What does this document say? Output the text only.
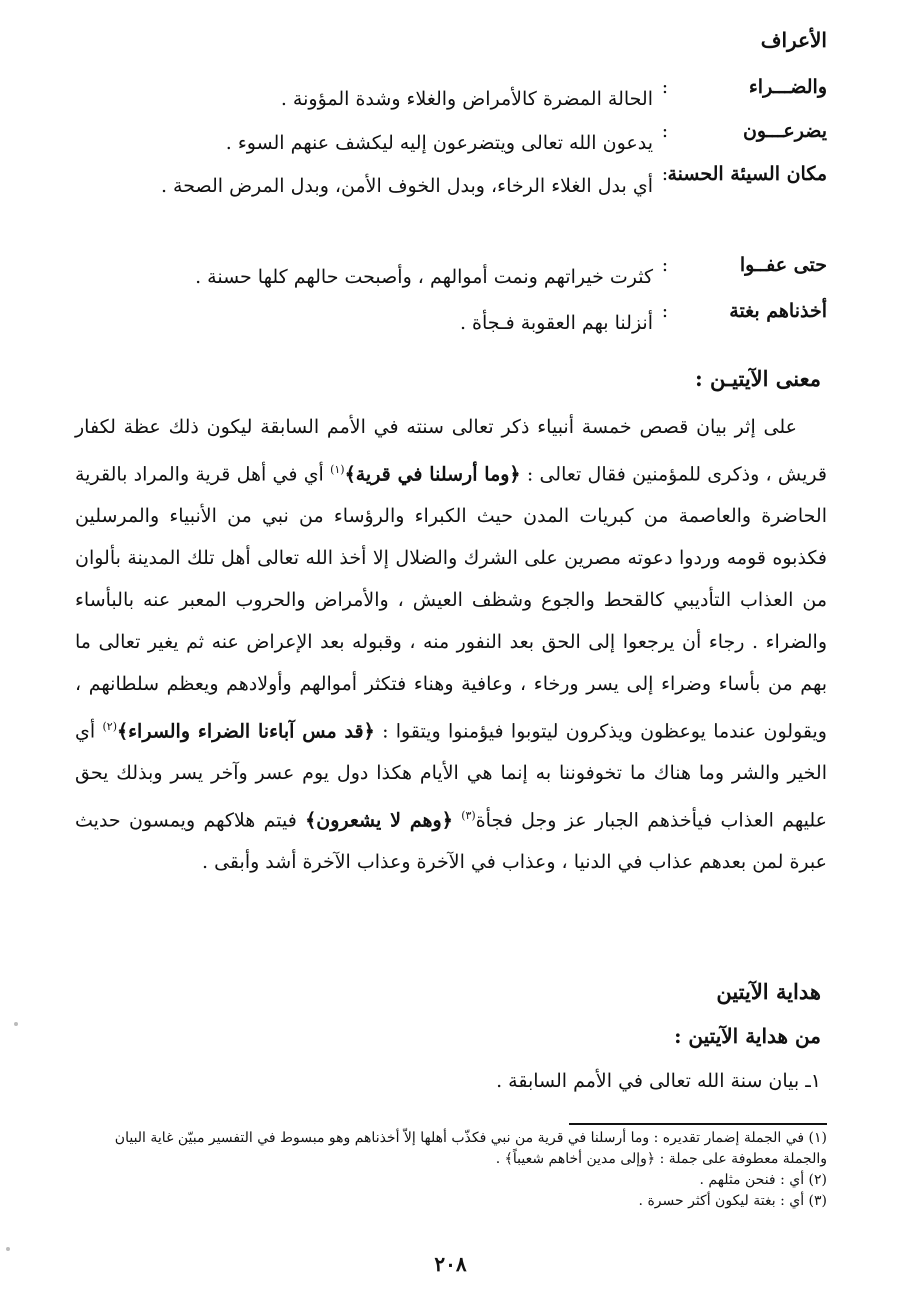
الأعراف
والضـــراء
:
الحالة المضرة كالأمراض والغلاء وشدة المؤونة .
يضرعـــون
:
يدعون الله تعالى ويتضرعون إليه ليكشف عنهم السوء .
مكان السيئة الحسنة
:
أي بدل الغلاء الرخاء، وبدل الخوف الأمن، وبدل المرض الصحة .
حتى عفــوا
:
كثرت خيراتهم ونمت أموالهم ، وأصبحت حالهم كلها حسنة .
أخذناهم بغتة
:
أنزلنا بهم العقوبة فـجأة .
معنى الآيتيـن :

على إثر بيان قصص خمسة أنبياء ذكر تعالى سنته في الأمم السابقة ليكون ذلك عظة لكفار قريش ، وذكرى للمؤمنين فقال تعالى : ﴿وما أرسلنا في قرية﴾$^{(١)}$ أي في أهل قرية والمراد بالقرية الحاضرة والعاصمة من كبريات المدن حيث الكبراء والرؤساء من نبي من الأنبياء والمرسلين فكذبوه قومه وردوا دعوته مصرين على الشرك والضلال إلا أخذ الله تعالى أهل تلك المدينة بألوان من العذاب التأديبي كالقحط والجوع وشظف العيش ، والأمراض والحروب المعبر عنه بالبأساء والضراء . رجاء أن يرجعوا إلى الحق بعد النفور منه ، وقبوله بعد الإعراض عنه ثم يغير تعالى ما بهم من بأساء وضراء إلى يسر ورخاء ، وعافية وهناء فتكثر أموالهم وأولادهم ويعظم سلطانهم ، ويقولون عندما يوعظون ويذكرون ليتوبوا فيؤمنوا ويتقوا : ﴿قد مس آباءنا الضراء والسراء﴾$^{(٢)}$ أي الخير والشر وما هناك ما تخوفوننا به إنما هي الأيام هكذا دول يوم عسر وآخر يسر وبذلك يحق عليهم العذاب فيأخذهم الجبار عز وجل فجأة$^{(٣)}$ ﴿وهم لا يشعرون﴾ فيتم هلاكهم ويمسون حديث عبرة لمن بعدهم عذاب في الدنيا ، وعذاب في الآخرة وعذاب الآخرة أشد وأبقى .

هداية الآيتين
من هداية الآيتين :
١ـ بيان سنة الله تعالى في الأمم السابقة .
(١) في الجملة إضمار تقديره : وما أرسلنا في قرية من نبي فكذّب أهلها إلاّ أخذناهم وهو مبسوط في التفسير مبيّن غاية البيان والجملة معطوفة على جملة : ﴿وإلى مدين أخاهم شعيباً﴾ .
(٢) أي : فنحن مثلهم .
(٣) أي : بغتة ليكون أكثر حسرة .
٢٠٨
